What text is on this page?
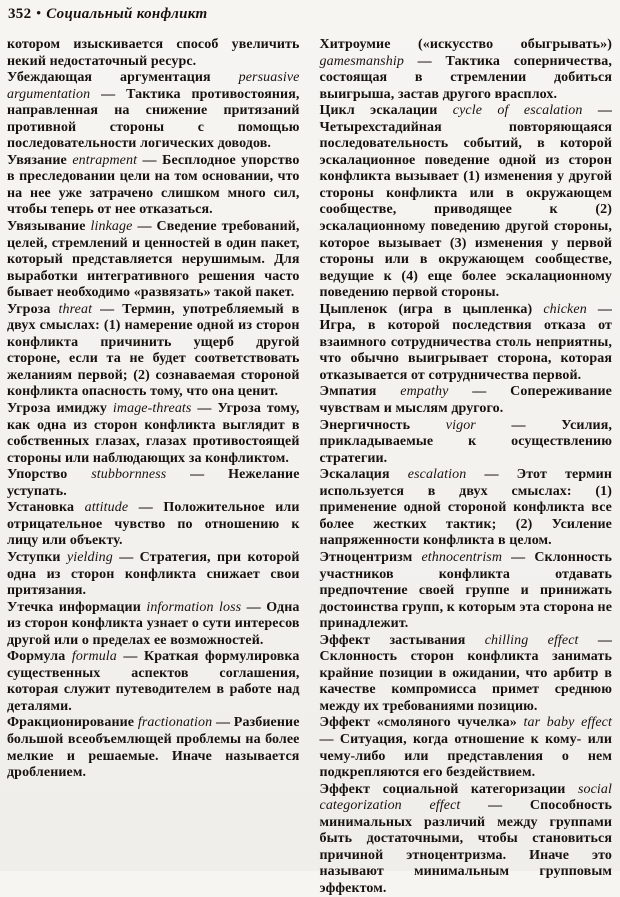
352 • Социальный конфликт

котором изыскивается способ увеличить некий недостаточный ресурс.

Убеждающая аргументация persuasive argumentation — Тактика противостояния, направленная на снижение притязаний противной стороны с помощью последовательности логических доводов.

Увязание entrapment — Бесплодное упорство в преследовании цели на том основании, что на нее уже затрачено слишком много сил, чтобы теперь от нее отказаться.

Увязывание linkage — Сведение требований, целей, стремлений и ценностей в один пакет, который представляется нерушимым. Для выработки интегративного решения часто бывает необходимо «развязать» такой пакет.

Угроза threat — Термин, употребляемый в двух смыслах: (1) намерение одной из сторон конфликта причинить ущерб другой стороне, если та не будет соответствовать желаниям первой; (2) сознаваемая стороной конфликта опасность тому, что она ценит.

Угроза имиджу image-threats — Угроза тому, как одна из сторон конфликта выглядит в собственных глазах, глазах противостоящей стороны или наблюдающих за конфликтом.

Упорство stubbornness — Нежелание уступать.

Установка attitude — Положительное или отрицательное чувство по отношению к лицу или объекту.

Уступки yielding — Стратегия, при которой одна из сторон конфликта снижает свои притязания.

Утечка информации information loss — Одна из сторон конфликта узнает о сути интересов другой или о пределах ее возможностей.

Формула formula — Краткая формулировка существенных аспектов соглашения, которая служит путеводителем в работе над деталями.

Фракционирование fractionation — Разбиение большой всеобъемлющей проблемы на более мелкие и решаемые. Иначе называется дроблением.

Хитроумие («искусство обыгрывать») gamesmanship — Тактика соперничества, состоящая в стремлении добиться выигрыша, застав другого врасплох.

Цикл эскалации cycle of escalation — Четырехстадийная повторяющаяся последовательность событий, в которой эскалационное поведение одной из сторон конфликта вызывает (1) изменения у другой стороны конфликта или в окружающем сообществе, приводящее к (2) эскалационному поведению другой стороны, которое вызывает (3) изменения у первой стороны или в окружающем сообществе, ведущие к (4) еще более эскалационному поведению первой стороны.

Цыпленок (игра в цыпленка) chicken — Игра, в которой последствия отказа от взаимного сотрудничества столь неприятны, что обычно выигрывает сторона, которая отказывается от сотрудничества первой.

Эмпатия empathy — Сопереживание чувствам и мыслям другого.

Энергичность	vigor	— Усилия, прикладываемые к осуществлению стратегии.

Эскалация escalation — Этот термин используется в двух смыслах: (1) применение одной стороной конфликта все более жестких тактик; (2) Усиление напряженности конфликта в целом.

Этноцентризм ethnocentrism — Склонность участников конфликта отдавать предпочтение своей группе и принижать достоинства групп, к которым эта сторона не принадлежит.

Эффект застывания chilling effect — Склонность сторон конфликта занимать крайние позиции в ожидании, что арбитр в качестве компромисса примет среднюю между их требованиями позицию.

Эффект «смоляного чучелка» tar baby effect — Ситуация, когда отношение к кому- или чему-либо или представления о нем подкрепляются его бездействием.

Эффект социальной категоризации social categorization effect — Способность минимальных различий между группами быть достаточными, чтобы становиться причиной этноцентризма. Иначе это называют минимальным групповым эффектом.
